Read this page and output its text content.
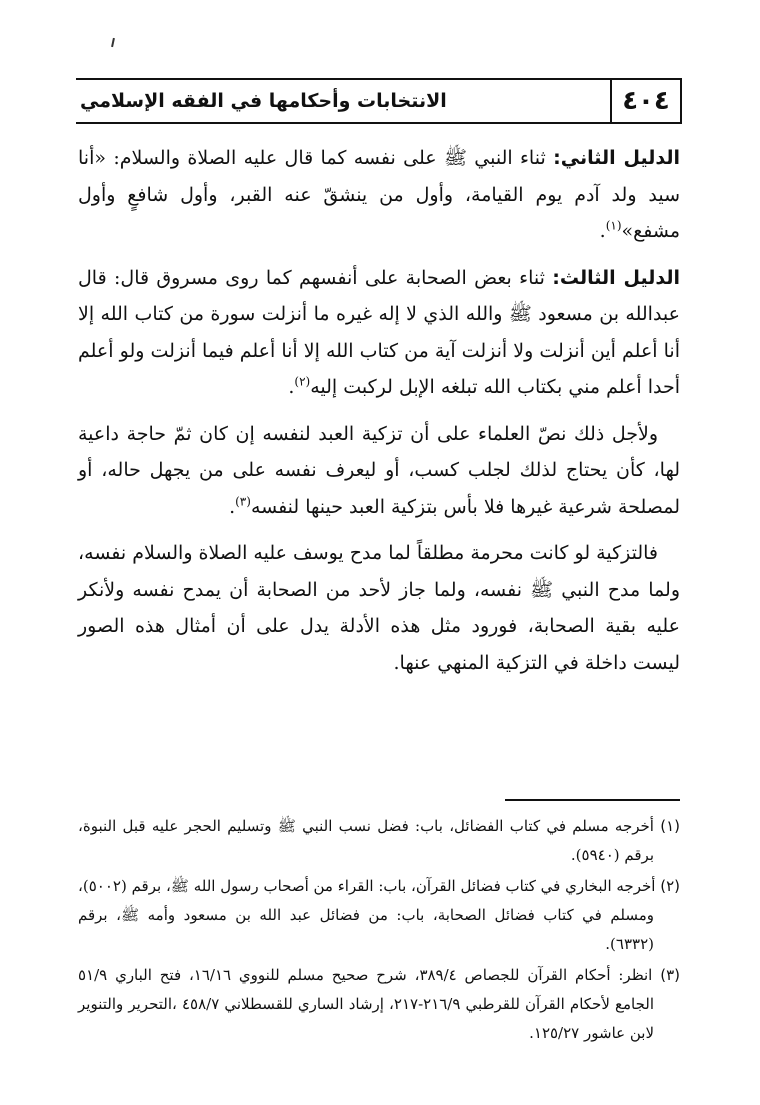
٤٠٤
الانتخابات وأحكامها في الفقه الإسلامي

الدليل الثاني: ثناء النبي ﷺ على نفسه كما قال عليه الصلاة والسلام: «أنا سيد ولد آدم يوم القيامة، وأول من ينشقّ عنه القبر، وأول شافعٍ وأول مشفع»$^{(١)}$.

الدليل الثالث: ثناء بعض الصحابة على أنفسهم كما روى مسروق قال: قال عبدالله بن مسعود ﷺ والله الذي لا إله غيره ما أنزلت سورة من كتاب الله إلا أنا أعلم أين أنزلت ولا أنزلت آية من كتاب الله إلا أنا أعلم فيما أنزلت ولو أعلم أحدا أعلم مني بكتاب الله تبلغه الإبل لركبت إليه$^{(٢)}$.

ولأجل ذلك نصّ العلماء على أن تزكية العبد لنفسه إن كان ثمّ حاجة داعية لها، كأن يحتاج لذلك لجلب كسب، أو ليعرف نفسه على من يجهل حاله، أو لمصلحة شرعية غيرها فلا بأس بتزكية العبد حينها لنفسه$^{(٣)}$.

فالتزكية لو كانت محرمة مطلقاً لما مدح يوسف عليه الصلاة والسلام نفسه، ولما مدح النبي ﷺ نفسه، ولما جاز لأحد من الصحابة أن يمدح نفسه ولأنكر عليه بقية الصحابة، فورود مثل هذه الأدلة يدل على أن أمثال هذه الصور ليست داخلة في التزكية المنهي عنها.

(١) أخرجه مسلم في كتاب الفضائل، باب: فضل نسب النبي ﷺ وتسليم الحجر عليه قبل النبوة، برقم (٥٩٤٠).

(٢) أخرجه البخاري في كتاب فضائل القرآن، باب: القراء من أصحاب رسول الله ﷺ، برقم (٥٠٠٢)، ومسلم في كتاب فضائل الصحابة، باب: من فضائل عبد الله بن مسعود وأمه ﷺ، برقم (٦٣٣٢).

(٣) انظر: أحكام القرآن للجصاص ٣٨٩/٤، شرح صحيح مسلم للنووي ١٦/١٦، فتح الباري ٥١/٩ الجامع لأحكام القرآن للقرطبي ٢١٦/٩-٢١٧، إرشاد الساري للقسطلاني ٤٥٨/٧ ،التحرير والتنوير لابن عاشور ١٢٥/٢٧.
